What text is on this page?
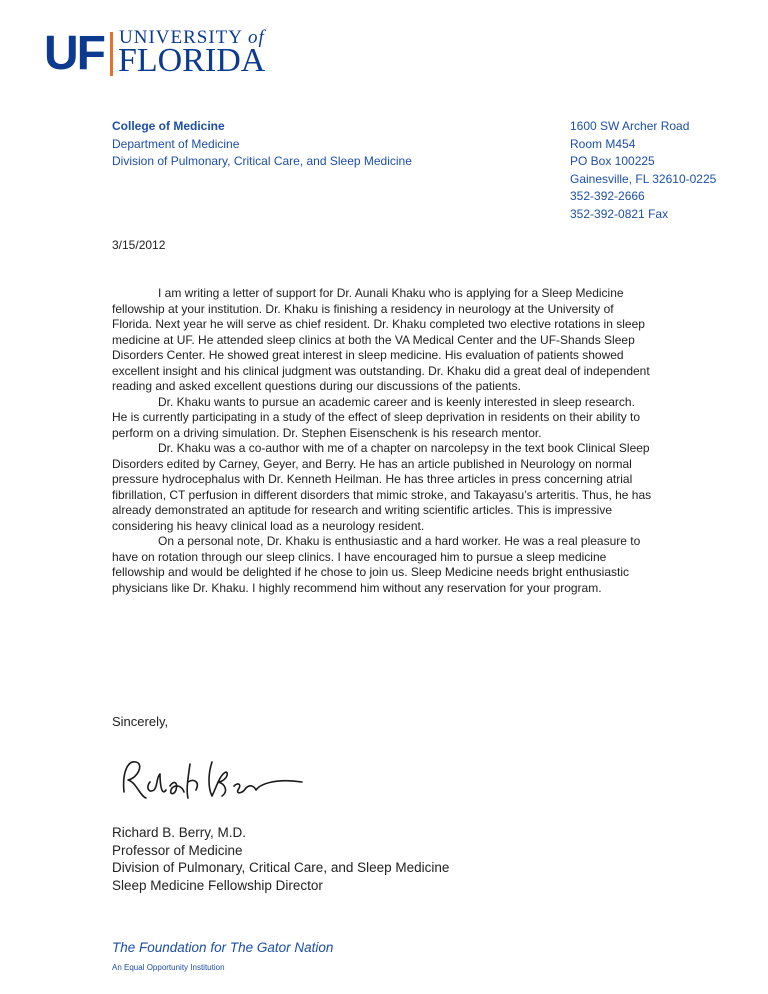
UF UNIVERSITY of
FLORIDA
College of Medicine
Department of Medicine
Division of Pulmonary, Critical Care, and Sleep Medicine
1600 SW Archer Road
Room M454
PO Box 100225
Gainesville, FL 32610-0225
352-392-2666
352-392-0821 Fax
3/15/2012

I am writing a letter of support for Dr. Aunali Khaku who is applying for a Sleep Medicine fellowship at your institution. Dr. Khaku is finishing a residency in neurology at the University of Florida. Next year he will serve as chief resident. Dr. Khaku completed two elective rotations in sleep medicine at UF. He attended sleep clinics at both the VA Medical Center and the UF-Shands Sleep Disorders Center. He showed great interest in sleep medicine. His evaluation of patients showed excellent insight and his clinical judgment was outstanding. Dr. Khaku did a great deal of independent reading and asked excellent questions during our discussions of the patients.

Dr. Khaku wants to pursue an academic career and is keenly interested in sleep research. He is currently participating in a study of the effect of sleep deprivation in residents on their ability to perform on a driving simulation. Dr. Stephen Eisenschenk is his research mentor.

Dr. Khaku was a co-author with me of a chapter on narcolepsy in the text book Clinical Sleep Disorders edited by Carney, Geyer, and Berry. He has an article published in Neurology on normal pressure hydrocephalus with Dr. Kenneth Heilman. He has three articles in press concerning atrial fibrillation, CT perfusion in different disorders that mimic stroke, and Takayasu’s arteritis. Thus, he has already demonstrated an aptitude for research and writing scientific articles. This is impressive considering his heavy clinical load as a neurology resident.

On a personal note, Dr. Khaku is enthusiastic and a hard worker. He was a real pleasure to have on rotation through our sleep clinics. I have encouraged him to pursue a sleep medicine fellowship and would be delighted if he chose to join us. Sleep Medicine needs bright enthusiastic physicians like Dr. Khaku. I highly recommend him without any reservation for your program.

Sincerely,
Richard B. Berry, M.D.
Professor of Medicine
Division of Pulmonary, Critical Care, and Sleep Medicine
Sleep Medicine Fellowship Director
The Foundation for The Gator Nation
An Equal Opportunity Institution
